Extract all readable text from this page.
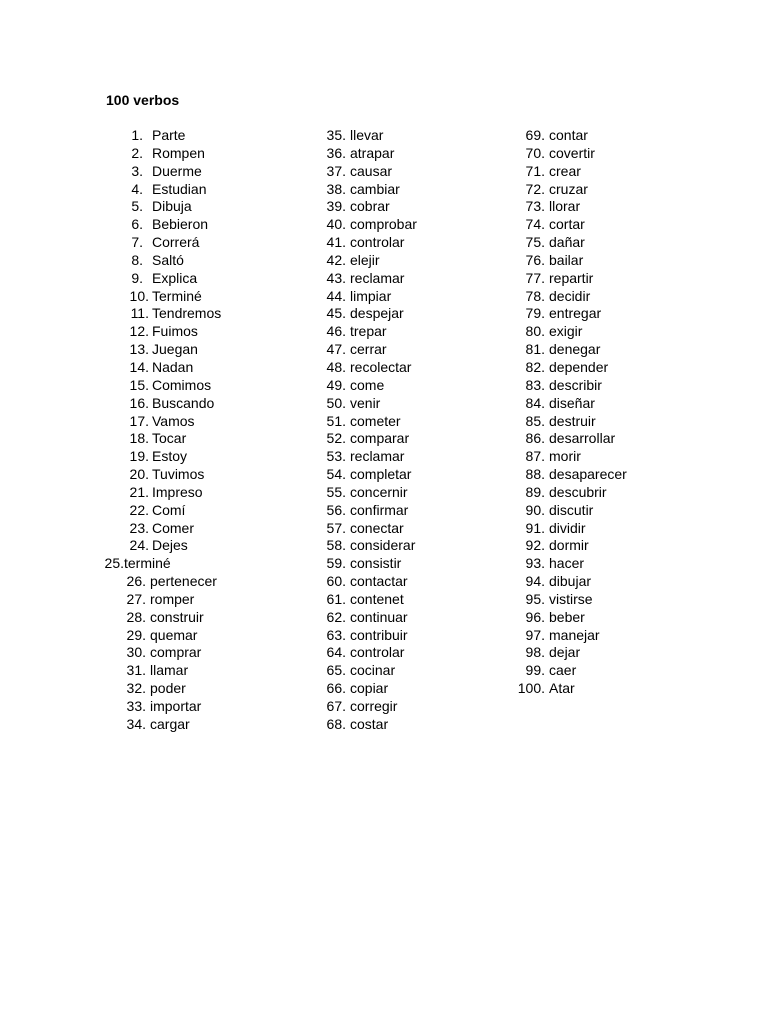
100 verbos
1. Parte
2. Rompen
3. Duerme
4. Estudian
5. Dibuja
6. Bebieron
7. Correrá
8. Saltó
9. Explica
10. Terminé
11. Tendremos
12. Fuimos
13. Juegan
14. Nadan
15. Comimos
16. Buscando
17. Vamos
18. Tocar
19. Estoy
20. Tuvimos
21. Impreso
22. Comí
23. Comer
24. Dejes
25. terminé
26. pertenecer
27. romper
28. construir
29. quemar
30. comprar
31. llamar
32. poder
33. importar
34. cargar
35. llevar
36. atrapar
37. causar
38. cambiar
39. cobrar
40. comprobar
41. controlar
42. elejir
43. reclamar
44. limpiar
45. despejar
46. trepar
47. cerrar
48. recolectar
49. come
50. venir
51. cometer
52. comparar
53. reclamar
54. completar
55. concernir
56. confirmar
57. conectar
58. considerar
59. consistir
60. contactar
61. contenet
62. continuar
63. contribuir
64. controlar
65. cocinar
66. copiar
67. corregir
68. costar
69. contar
70. covertir
71. crear
72. cruzar
73. llorar
74. cortar
75. dañar
76. bailar
77. repartir
78. decidir
79. entregar
80. exigir
81. denegar
82. depender
83. describir
84. diseñar
85. destruir
86. desarrollar
87. morir
88. desaparecer
89. descubrir
90. discutir
91. dividir
92. dormir
93. hacer
94. dibujar
95. vistirse
96. beber
97. manejar
98. dejar
99. caer
100. Atar
